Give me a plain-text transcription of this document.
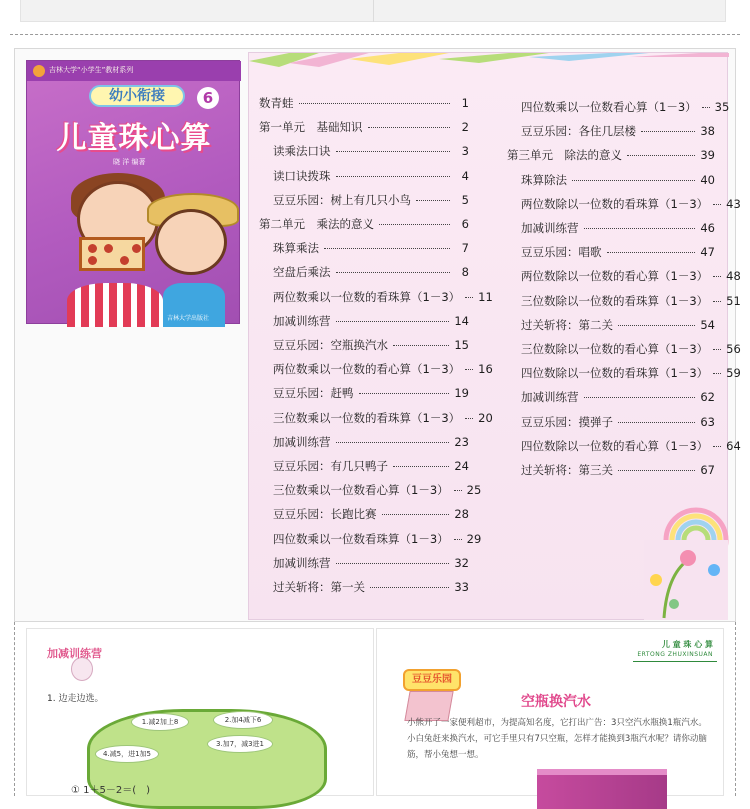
吉林大学“小学生”教材系列
幼小衔接	6
儿童珠心算
晓 洋 编著
吉林大学出版社
数青蛙	1
第一单元　基础知识	2
读乘法口诀	3
读口诀拨珠	4
豆豆乐园：树上有几只小鸟	5
第二单元　乘法的意义	6
珠算乘法	7
空盘后乘法	8
两位数乘以一位数的看珠算（1－3） 11
加减训练营	14
豆豆乐园：空瓶换汽水	15
两位数乘以一位数的看心算（1－3） 16
豆豆乐园：赶鸭	19
三位数乘以一位数的看珠算（1－3） 20
加减训练营	23
豆豆乐园：有几只鸭子	24
三位数乘以一位数看心算（1－3） 25
豆豆乐园：长跑比赛	28
四位数乘以一位数看珠算（1－3） 29
加减训练营	32
过关斩将：第一关	33
四位数乘以一位数看心算（1－3） 35
豆豆乐园：各住几层楼	38
第三单元　除法的意义	39
珠算除法	40
两位数除以一位数的看珠算（1－3） 43
加减训练营	46
豆豆乐园：唱歌	47
两位数除以一位数的看心算（1－3） 48
三位数除以一位数的看珠算（1－3） 51
过关斩将：第二关	54
三位数除以一位数的看心算（1－3） 56
四位数除以一位数的看珠算（1－3） 59
加减训练营	62
豆豆乐园：摸弹子	63
四位数除以一位数的看心算（1－3） 64
过关斩将：第三关	67
加减训练营
1. 边走边选。
1.减2加上8	2.加4减下6
3.加7，减3进1
4.减5，进1加5
① 1＋5－2＝(　)
儿 童 珠 心 算
ERTONG ZHUXINSUAN
豆豆乐园
空瓶换汽水
小熊开了一家便利超市，为提高知名度，它打出广告：3只空汽水瓶换1瓶汽水。小白兔赶来换汽水，可它手里只有7只空瓶，怎样才能换到3瓶汽水呢？请你动脑筋，帮小兔想一想。
